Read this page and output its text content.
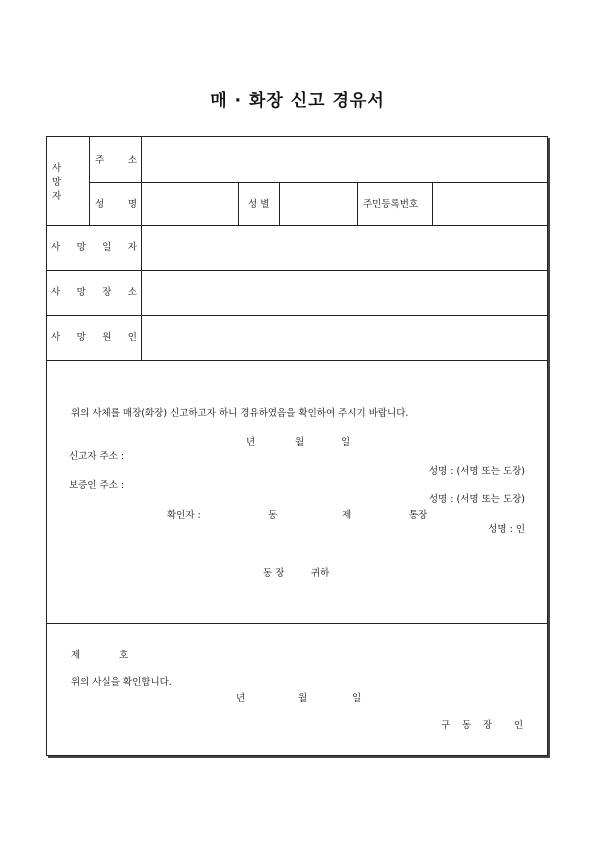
매 · 화장 신고 경유서
사
망
자
주 소
성 명	성 별	주민등록번호
사 망 일 자
사 망 장 소
사 망 원 인
위의 사체를 매장(화장) 신고하고자 하니 경유하였음을 확인하여 주시기 바랍니다.
년	월	일
신고자 주소 :
성명 : (서명 또는 도장)
보증인 주소 :
성명 : (서명 또는 도장)
확인자 :	동	제	통장
성명 : 인
동 장	귀하
제	호
위의 사실을 확인합니다.
년	월	일
구 동 장 인
